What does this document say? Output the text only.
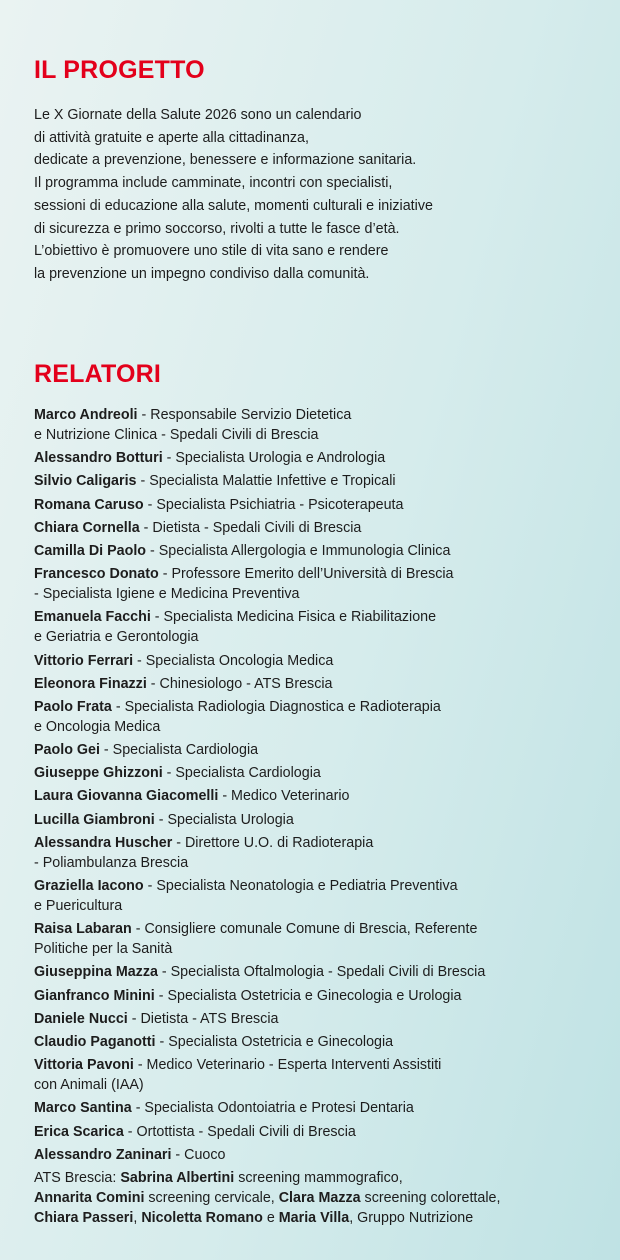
IL PROGETTO
Le X Giornate della Salute 2026 sono un calendario
di attività gratuite e aperte alla cittadinanza,
dedicate a prevenzione, benessere e informazione sanitaria.
Il programma include camminate, incontri con specialisti,
sessioni di educazione alla salute, momenti culturali e iniziative
di sicurezza e primo soccorso, rivolti a tutte le fasce d’età.
L’obiettivo è promuovere uno stile di vita sano e rendere
la prevenzione un impegno condiviso dalla comunità.
RELATORI
Marco Andreoli - Responsabile Servizio Dietetica
e Nutrizione Clinica - Spedali Civili di Brescia
Alessandro Botturi - Specialista Urologia e Andrologia
Silvio Caligaris - Specialista Malattie Infettive e Tropicali
Romana Caruso - Specialista Psichiatria - Psicoterapeuta
Chiara Cornella - Dietista - Spedali Civili di Brescia
Camilla Di Paolo - Specialista Allergologia e Immunologia Clinica
Francesco Donato - Professore Emerito dell’Università di Brescia
- Specialista Igiene e Medicina Preventiva
Emanuela Facchi - Specialista Medicina Fisica e Riabilitazione
e Geriatria e Gerontologia
Vittorio Ferrari - Specialista Oncologia Medica
Eleonora Finazzi - Chinesiologo - ATS Brescia
Paolo Frata - Specialista Radiologia Diagnostica e Radioterapia
e Oncologia Medica
Paolo Gei - Specialista Cardiologia
Giuseppe Ghizzoni - Specialista Cardiologia
Laura Giovanna Giacomelli - Medico Veterinario
Lucilla Giambroni - Specialista Urologia
Alessandra Huscher - Direttore U.O. di Radioterapia
- Poliambulanza Brescia
Graziella Iacono - Specialista Neonatologia e Pediatria Preventiva
e Puericultura
Raisa Labaran - Consigliere comunale Comune di Brescia, Referente
Politiche per la Sanità
Giuseppina Mazza - Specialista Oftalmologia - Spedali Civili di Brescia
Gianfranco Minini - Specialista Ostetricia e Ginecologia e Urologia
Daniele Nucci - Dietista - ATS Brescia
Claudio Paganotti - Specialista Ostetricia e Ginecologia
Vittoria Pavoni - Medico Veterinario - Esperta Interventi Assistiti
con Animali (IAA)
Marco Santina - Specialista Odontoiatria e Protesi Dentaria
Erica Scarica - Ortottista - Spedali Civili di Brescia
Alessandro Zaninari - Cuoco
ATS Brescia: Sabrina Albertini screening mammografico,
Annarita Comini screening cervicale, Clara Mazza screening colorettale,
Chiara Passeri, Nicoletta Romano e Maria Villa, Gruppo Nutrizione
